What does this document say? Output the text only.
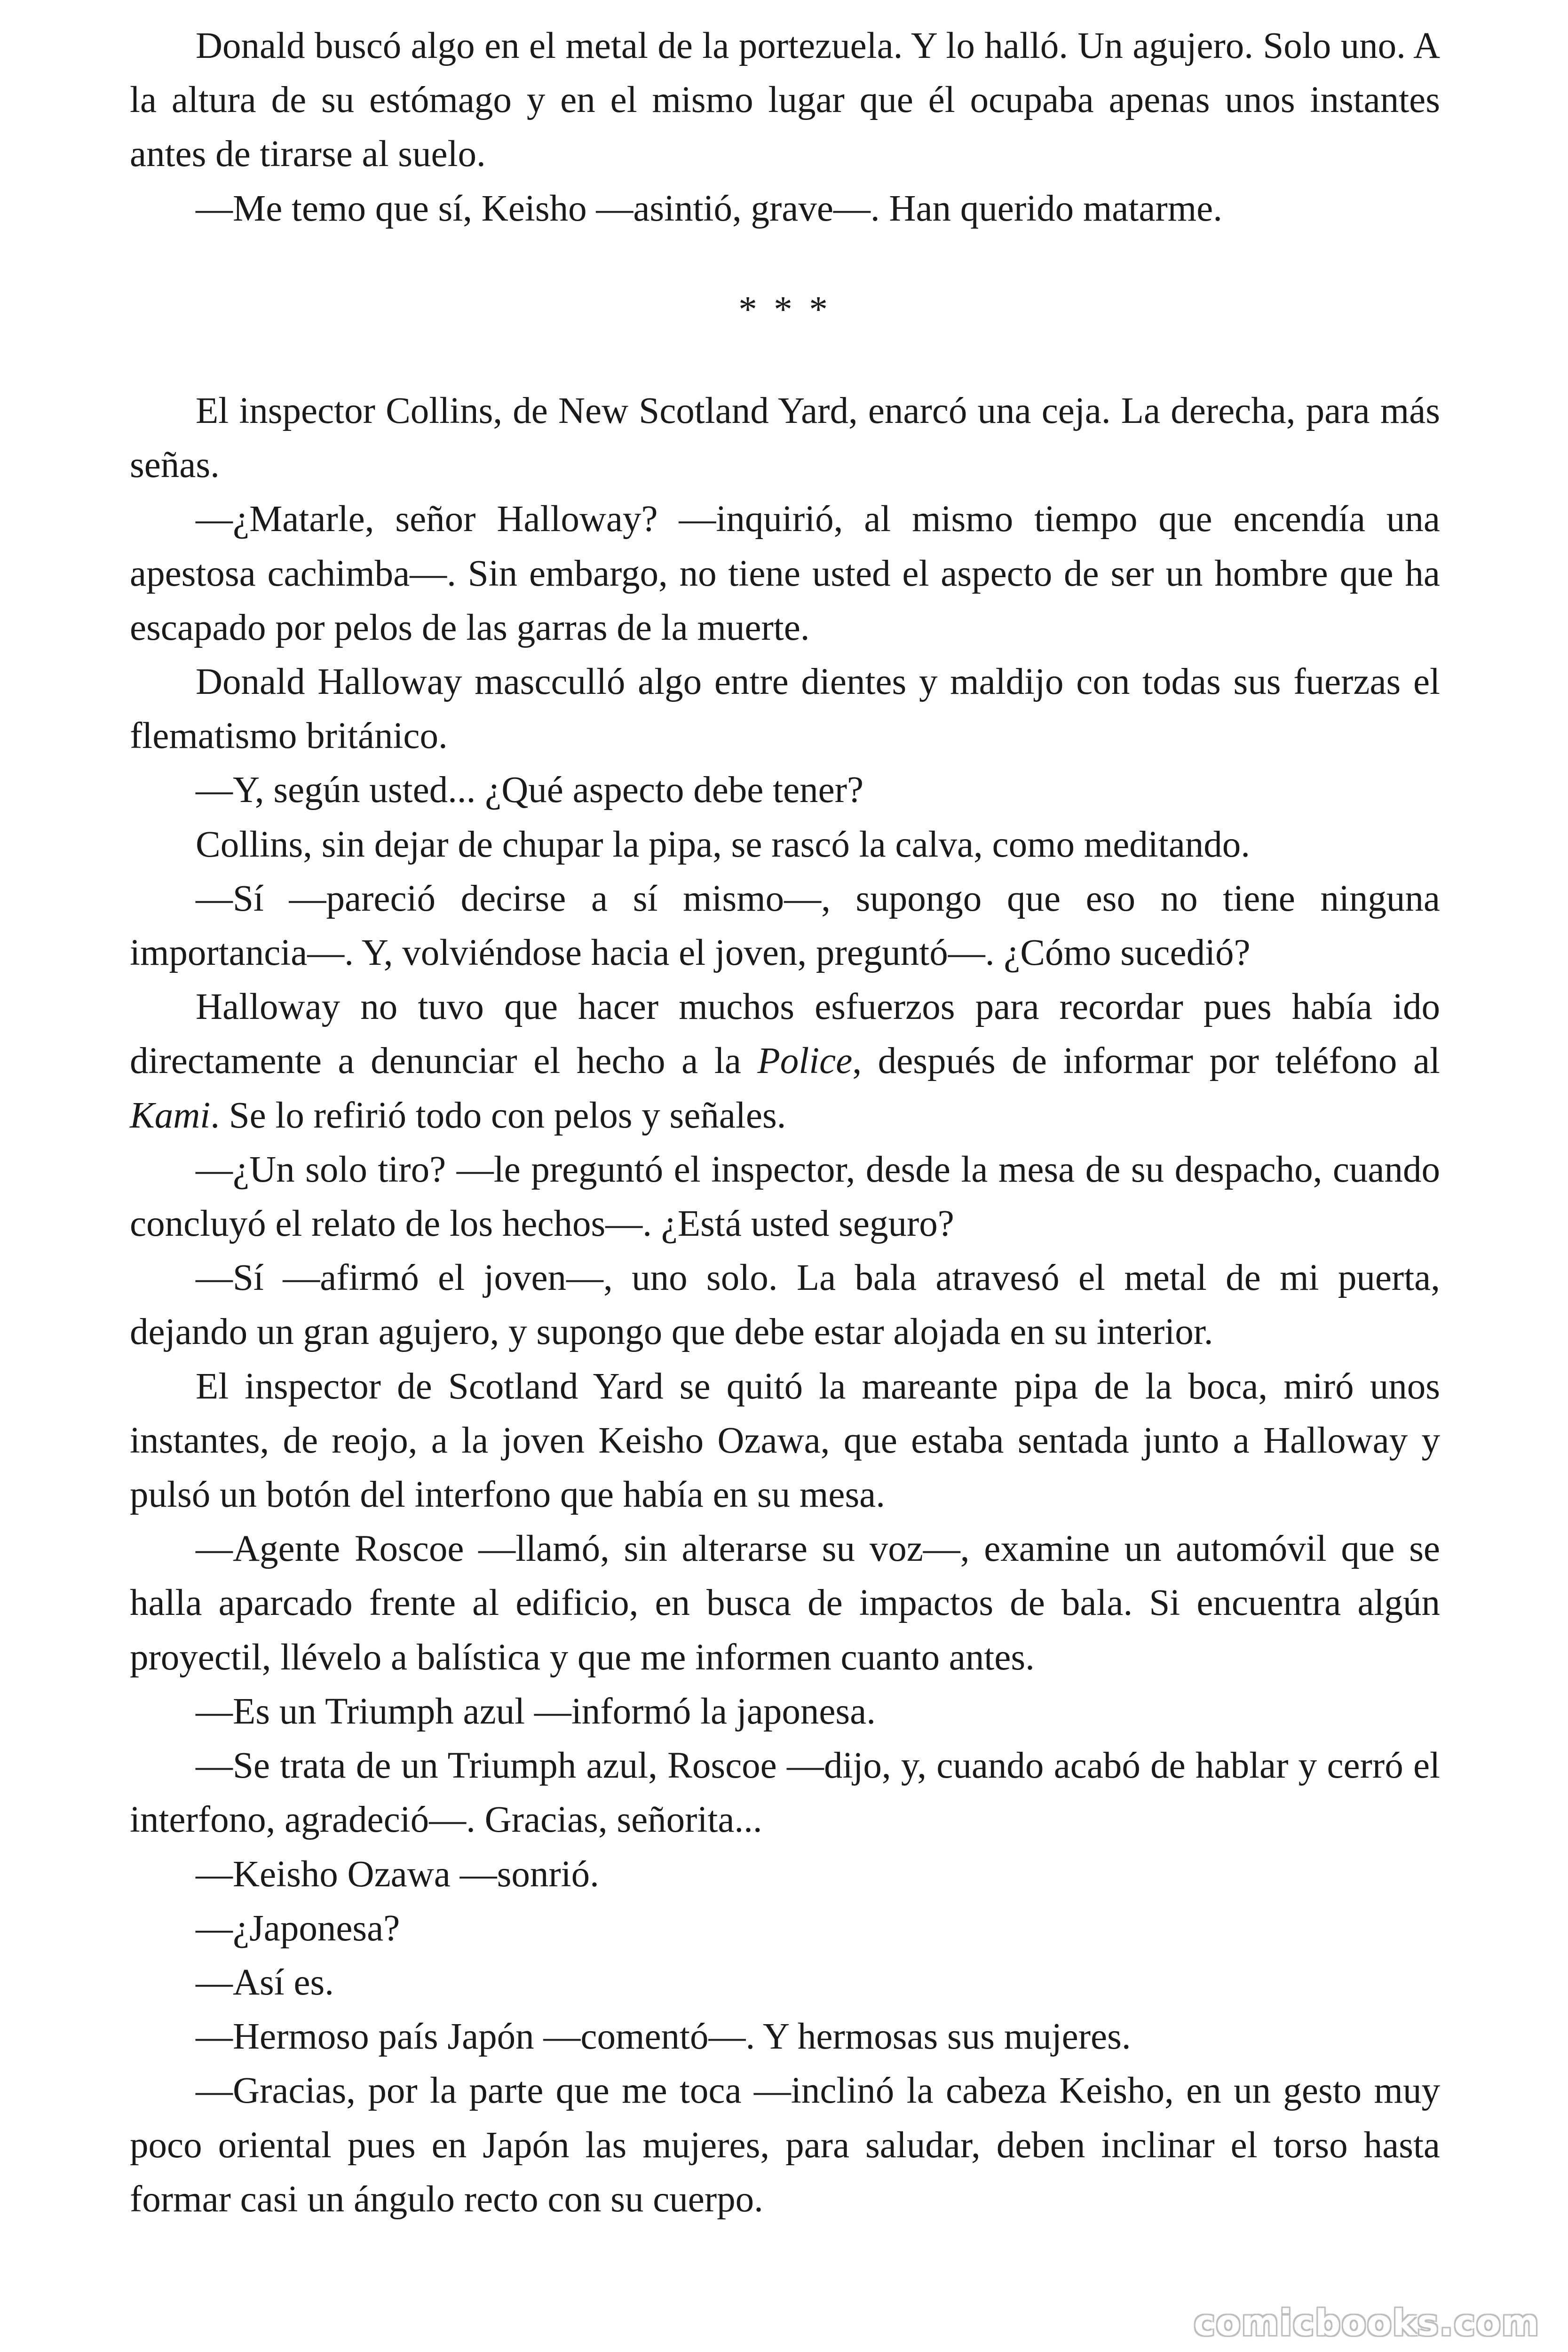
Donald buscó algo en el metal de la portezuela. Y lo halló. Un agujero. Solo uno. A la altura de su estómago y en el mismo lugar que él ocupaba apenas unos instantes antes de tirarse al suelo.

—Me temo que sí, Keisho —asintió, grave—. Han querido matarme.

* * *

El inspector Collins, de New Scotland Yard, enarcó una ceja. La derecha, para más señas.

—¿Matarle, señor Halloway? —inquirió, al mismo tiempo que encendía una apestosa cachimba—. Sin embargo, no tiene usted el aspecto de ser un hombre que ha escapado por pelos de las garras de la muerte.

Donald Halloway mascculló algo entre dientes y maldijo con todas sus fuerzas el flematismo británico.

—Y, según usted... ¿Qué aspecto debe tener?

Collins, sin dejar de chupar la pipa, se rascó la calva, como meditando.

—Sí —pareció decirse a sí mismo—, supongo que eso no tiene ninguna importancia—. Y, volviéndose hacia el joven, preguntó—. ¿Cómo sucedió?

Halloway no tuvo que hacer muchos esfuerzos para recordar pues había ido directamente a denunciar el hecho a la Police, después de informar por teléfono al Kami. Se lo refirió todo con pelos y señales.

—¿Un solo tiro? —le preguntó el inspector, desde la mesa de su despacho, cuando concluyó el relato de los hechos—. ¿Está usted seguro?

—Sí —afirmó el joven—, uno solo. La bala atravesó el metal de mi puerta, dejando un gran agujero, y supongo que debe estar alojada en su interior.

El inspector de Scotland Yard se quitó la mareante pipa de la boca, miró unos instantes, de reojo, a la joven Keisho Ozawa, que estaba sentada junto a Halloway y pulsó un botón del interfono que había en su mesa.

—Agente Roscoe —llamó, sin alterarse su voz—, examine un automóvil que se halla aparcado frente al edificio, en busca de impactos de bala. Si encuentra algún proyectil, llévelo a balística y que me informen cuanto antes.

—Es un Triumph azul —informó la japonesa.

—Se trata de un Triumph azul, Roscoe —dijo, y, cuando acabó de hablar y cerró el interfono, agradeció—. Gracias, señorita...

—Keisho Ozawa —sonrió.

—¿Japonesa?

—Así es.

—Hermoso país Japón —comentó—. Y hermosas sus mujeres.

—Gracias, por la parte que me toca —inclinó la cabeza Keisho, en un gesto muy poco oriental pues en Japón las mujeres, para saludar, deben inclinar el torso hasta formar casi un ángulo recto con su cuerpo.

comicbooks.com
